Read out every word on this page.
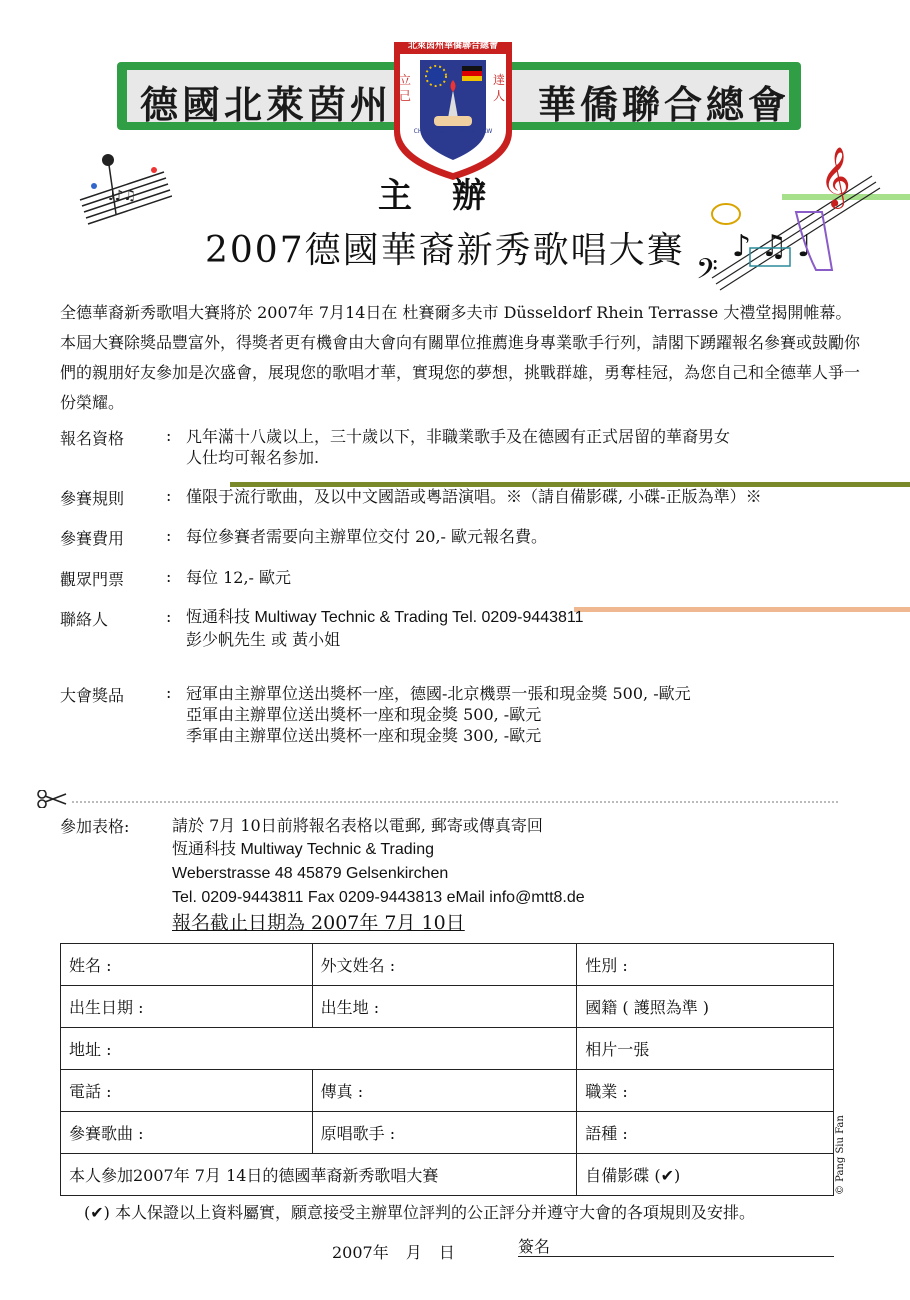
德國北萊茵州	華僑聯合總會
北萊茵州華僑聯合總會
立己
達人
CHINESISCHE UNION NRW
♩♪♫	𝄞
♪ ♫ ♩
𝄢
主辦
2007德國華裔新秀歌唱大賽
全德華裔新秀歌唱大賽將於 2007年 7月14日在 杜賽爾多夫市 Düsseldorf Rhein Terrasse 大禮堂揭開帷幕。本屆大賽除獎品豐富外，得獎者更有機會由大會向有關單位推薦進身專業歌手行列，請閣下踴躍報名參賽或鼓勵你們的親朋好友參加是次盛會，展現您的歌唱才華，實現您的夢想，挑戰群雄，勇奪桂冠，為您自己和全德華人爭一份榮耀。
報名資格	: 凡年滿十八歲以上，三十歲以下，非職業歌手及在德國有正式居留的華裔男女
人仕均可報名参加.
參賽規則	: 僅限于流行歌曲，及以中文國語或粵語演唱。※（請自備影碟, 小碟-正版為準）※
參賽費用	: 每位參賽者需要向主辦單位交付 20,- 歐元報名費。
觀眾門票	: 每位 12,- 歐元
聯絡人	: 恆通科技 Multiway Technic & Trading Tel. 0209-9443811
彭少帆先生 或 黃小姐
大會獎品	: 冠軍由主辦單位送出獎杯一座，德國-北京機票一張和現金獎 500, -歐元
亞軍由主辦單位送出獎杯一座和現金獎 500, -歐元
季軍由主辦單位送出獎杯一座和現金獎 300, -歐元
參加表格:	請於 7月 10日前將報名表格以電郵, 郵寄或傳真寄回
恆通科技 Multiway Technic & Trading
Weberstrasse 48 45879 Gelsenkirchen
Tel. 0209-9443811 Fax 0209-9443813 eMail info@mtt8.de
報名截止日期為 2007年 7月 10日
姓名 :	外文姓名 :	性別 :
出生日期 :	出生地 :	國籍 ( 護照為準 )
地址 :		相片一張
電話 :	傳真 :	職業 :
參賽歌曲 :	原唱歌手 :	語種 :
本人參加2007年 7月 14日的德國華裔新秀歌唱大賽		自備影碟 (✔)	© Pang Siu Fan
(✔) 本人保證以上資料屬實，願意接受主辦單位評判的公正評分并遵守大會的各項規則及安排。
2007年 月 日	簽名
